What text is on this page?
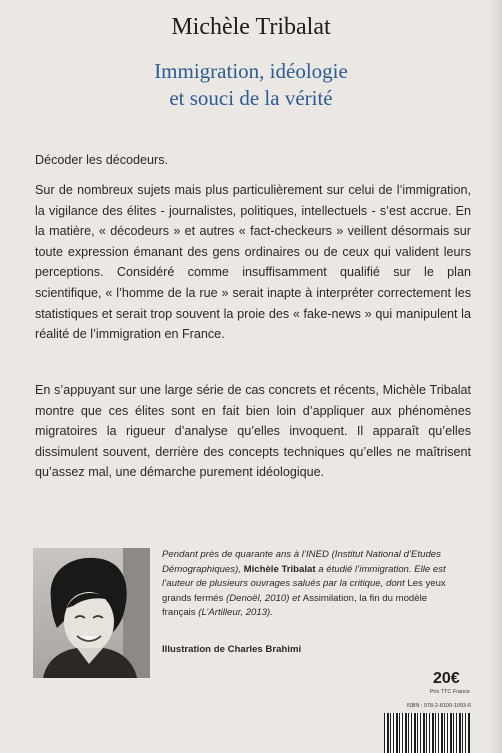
Michèle Tribalat
Immigration, idéologie
et souci de la vérité
Décoder les décodeurs.
Sur de nombreux sujets mais plus particulièrement sur celui de l’immigration, la vigilance des élites - journalistes, politiques, intellectuels - s’est accrue. En la matière, « décodeurs » et autres « fact-checkeurs » veillent désormais sur toute expression émanant des gens ordinaires ou de ceux qui valident leurs perceptions. Considéré comme insuffisamment qualifié sur le plan scientifique, « l’homme de la rue » serait inapte à interpréter correctement les statistiques et serait trop souvent la proie des « fake-news » qui manipulent la réalité de l’immigration en France.
En s’appuyant sur une large série de cas concrets et récents, Michèle Tribalat montre que ces élites sont en fait bien loin d’appliquer aux phénomènes migratoires la rigueur d’analyse qu’elles invoquent. Il apparaît qu’elles dissimulent souvent, derrière des concepts techniques qu’elles ne maîtrisent qu’assez mal, une démarche purement idéologique.
Pendant près de quarante ans à l’INED (Institut National d’Etudes Démographiques), Michèle Tribalat a étudié l’immigration. Elle est l’auteur de plusieurs ouvrages salués par la critique, dont Les yeux grands fermés (Denoël, 2010) et Assimilation, la fin du modèle français (L’Artilleur, 2013).
Illustration de Charles Brahimi
20€
Prix TTC France
ISBN : 978-2-8100-1093-6
